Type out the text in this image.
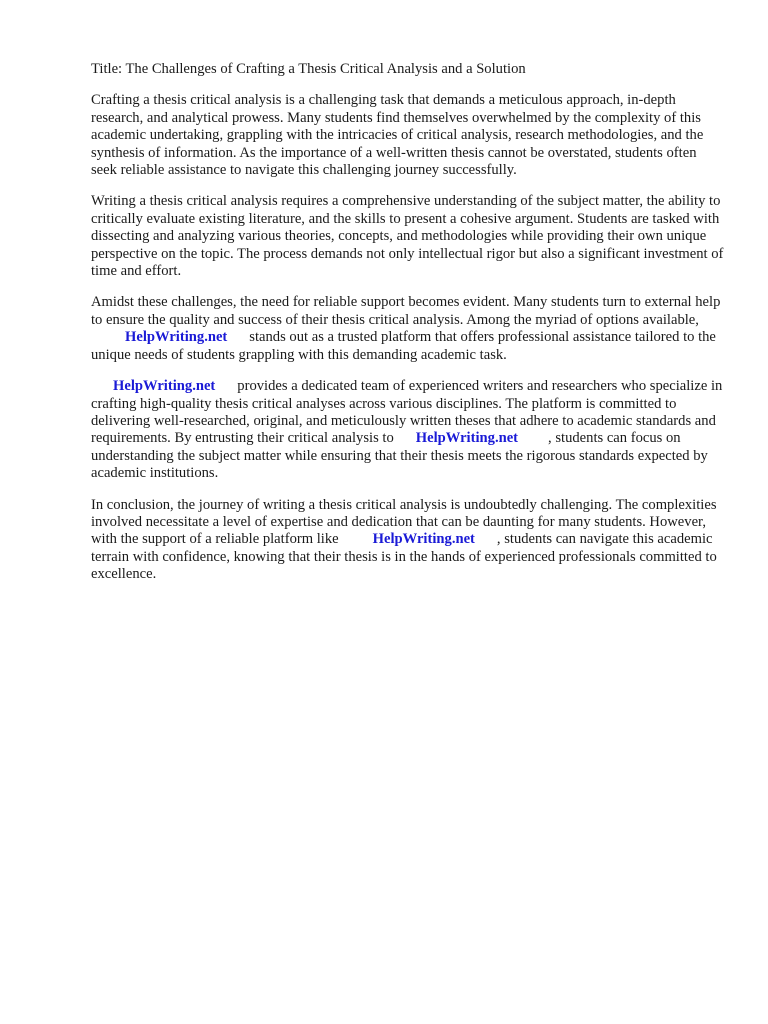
Title: The Challenges of Crafting a Thesis Critical Analysis and a Solution

Crafting a thesis critical analysis is a challenging task that demands a meticulous approach, in-depth research, and analytical prowess. Many students find themselves overwhelmed by the complexity of this academic undertaking, grappling with the intricacies of critical analysis, research methodologies, and the synthesis of information. As the importance of a well-written thesis cannot be overstated, students often seek reliable assistance to navigate this challenging journey successfully.

Writing a thesis critical analysis requires a comprehensive understanding of the subject matter, the ability to critically evaluate existing literature, and the skills to present a cohesive argument. Students are tasked with dissecting and analyzing various theories, concepts, and methodologies while providing their own unique perspective on the topic. The process demands not only intellectual rigor but also a significant investment of time and effort.

Amidst these challenges, the need for reliable support becomes evident. Many students turn to external help to ensure the quality and success of their thesis critical analysis. Among the myriad of options available,HelpWriting.net stands out as a trusted platform that offers professional assistance tailored to the unique needs of students grappling with this demanding academic task.

HelpWriting.net provides a dedicated team of experienced writers and researchers who specialize in crafting high-quality thesis critical analyses across various disciplines. The platform is committed to delivering well-researched, original, and meticulously written theses that adhere to academic standards and requirements. By entrusting their critical analysis to HelpWriting.net , students can focus on understanding the subject matter while ensuring that their thesis meets the rigorous standards expected by academic institutions.

In conclusion, the journey of writing a thesis critical analysis is undoubtedly challenging. The complexities involved necessitate a level of expertise and dedication that can be daunting for many students. However, with the support of a reliable platform like HelpWriting.net , students can navigate this academic terrain with confidence, knowing that their thesis is in the hands of experienced professionals committed to excellence.
